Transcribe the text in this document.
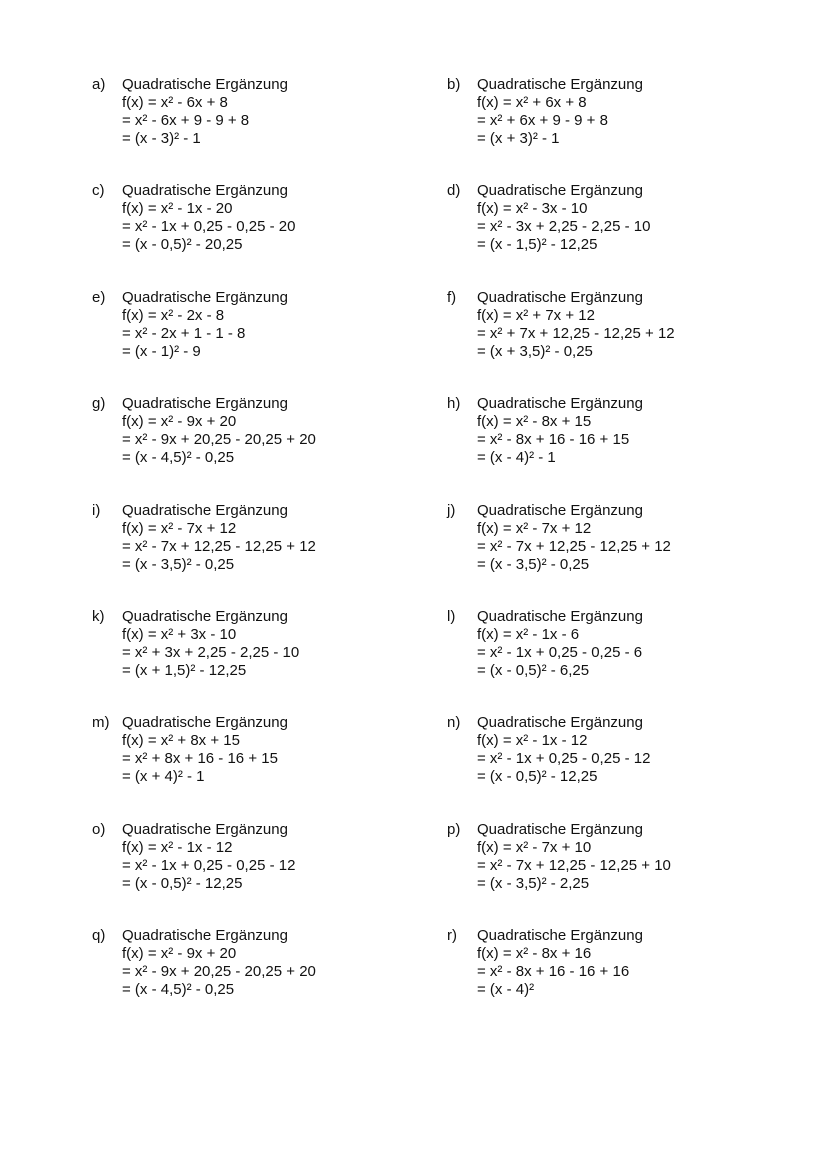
a)	Quadratische Ergänzung
f(x) = x² - 6x + 8
= x² - 6x + 9 - 9 + 8
= (x - 3)² - 1
b)	Quadratische Ergänzung
f(x) = x² + 6x + 8
= x² + 6x + 9 - 9 + 8
= (x + 3)² - 1
c)	Quadratische Ergänzung
f(x) = x² - 1x - 20
= x² - 1x + 0,25 - 0,25 - 20
= (x - 0,5)² - 20,25
d)	Quadratische Ergänzung
f(x) = x² - 3x - 10
= x² - 3x + 2,25 - 2,25 - 10
= (x - 1,5)² - 12,25
e)	Quadratische Ergänzung
f(x) = x² - 2x - 8
= x² - 2x + 1 - 1 - 8
= (x - 1)² - 9
f)	Quadratische Ergänzung
f(x) = x² + 7x + 12
= x² + 7x + 12,25 - 12,25 + 12
= (x + 3,5)² - 0,25
g)	Quadratische Ergänzung
f(x) = x² - 9x + 20
= x² - 9x + 20,25 - 20,25 + 20
= (x - 4,5)² - 0,25
h)	Quadratische Ergänzung
f(x) = x² - 8x + 15
= x² - 8x + 16 - 16 + 15
= (x - 4)² - 1
i)	Quadratische Ergänzung
f(x) = x² - 7x + 12
= x² - 7x + 12,25 - 12,25 + 12
= (x - 3,5)² - 0,25
j)	Quadratische Ergänzung
f(x) = x² - 7x + 12
= x² - 7x + 12,25 - 12,25 + 12
= (x - 3,5)² - 0,25
k)	Quadratische Ergänzung
f(x) = x² + 3x - 10
= x² + 3x + 2,25 - 2,25 - 10
= (x + 1,5)² - 12,25
l)	Quadratische Ergänzung
f(x) = x² - 1x - 6
= x² - 1x + 0,25 - 0,25 - 6
= (x - 0,5)² - 6,25
m) Quadratische Ergänzung
f(x) = x² + 8x + 15
= x² + 8x + 16 - 16 + 15
= (x + 4)² - 1
n)	Quadratische Ergänzung
f(x) = x² - 1x - 12
= x² - 1x + 0,25 - 0,25 - 12
= (x - 0,5)² - 12,25
o)	Quadratische Ergänzung
f(x) = x² - 1x - 12
= x² - 1x + 0,25 - 0,25 - 12
= (x - 0,5)² - 12,25
p)	Quadratische Ergänzung
f(x) = x² - 7x + 10
= x² - 7x + 12,25 - 12,25 + 10
= (x - 3,5)² - 2,25
q)	Quadratische Ergänzung
f(x) = x² - 9x + 20
= x² - 9x + 20,25 - 20,25 + 20
= (x - 4,5)² - 0,25
r)	Quadratische Ergänzung
f(x) = x² - 8x + 16
= x² - 8x + 16 - 16 + 16
= (x - 4)²
